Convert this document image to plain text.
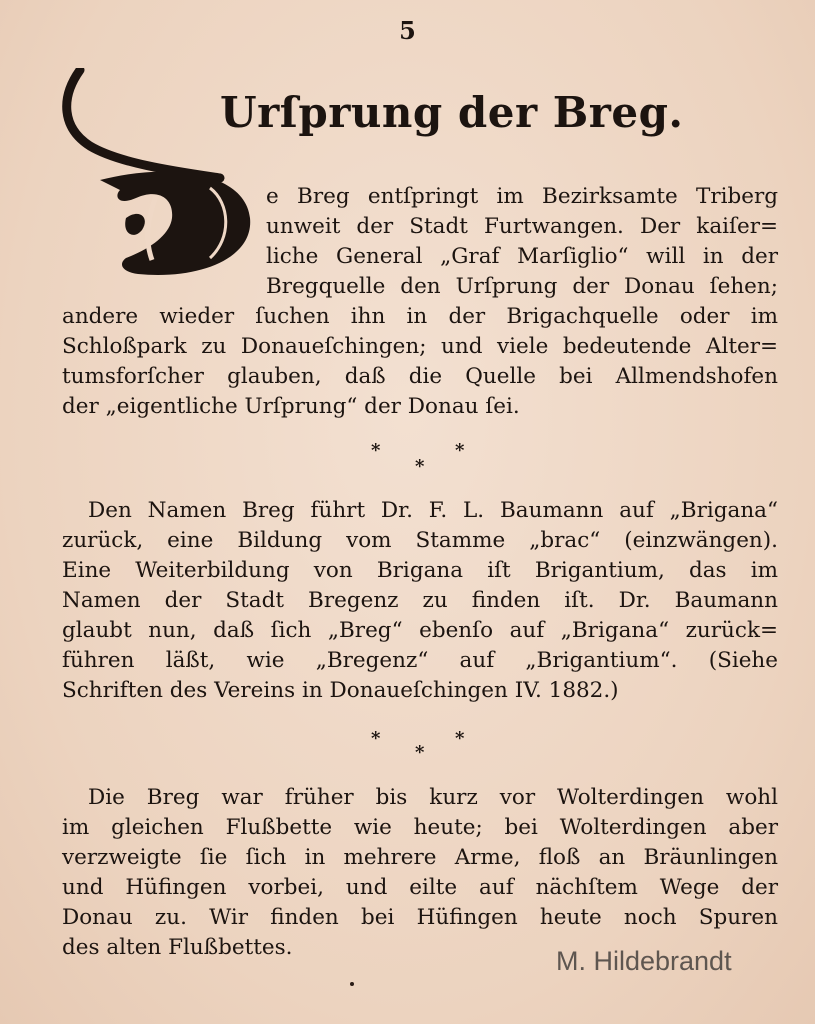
5
Urſprung der Breg.
e Breg entſpringt im Bezirksamte Triberg
unweit der Stadt Furtwangen. Der kaiſer=
liche General „Graf Marſiglio“ will in der
Bregquelle den Urſprung der Donau ſehen;
andere wieder ſuchen ihn in der Brigachquelle oder im
Schloßpark zu Donaueſchingen; und viele bedeutende Alter=
tumsforſcher glauben, daß die Quelle bei Allmendshofen
der „eigentliche Urſprung“ der Donau ſei.
*
*
*
Den Namen Breg führt Dr. F. L. Baumann auf „Brigana“
zurück, eine Bildung vom Stamme „brac“ (einzwängen).
Eine Weiterbildung von Brigana iſt Brigantium, das im
Namen der Stadt Bregenz zu finden iſt. Dr. Baumann
glaubt nun, daß ſich „Breg“ ebenſo auf „Brigana“ zurück=
führen läßt, wie „Bregenz“ auf „Brigantium“. (Siehe
Schriften des Vereins in Donaueſchingen IV. 1882.)
*
*
*
Die Breg war früher bis kurz vor Wolterdingen wohl
im gleichen Flußbette wie heute; bei Wolterdingen aber
verzweigte ſie ſich in mehrere Arme, floß an Bräunlingen
und Hüfingen vorbei, und eilte auf nächſtem Wege der
Donau zu. Wir finden bei Hüfingen heute noch Spuren
des alten Flußbettes.	M. Hildebrandt
